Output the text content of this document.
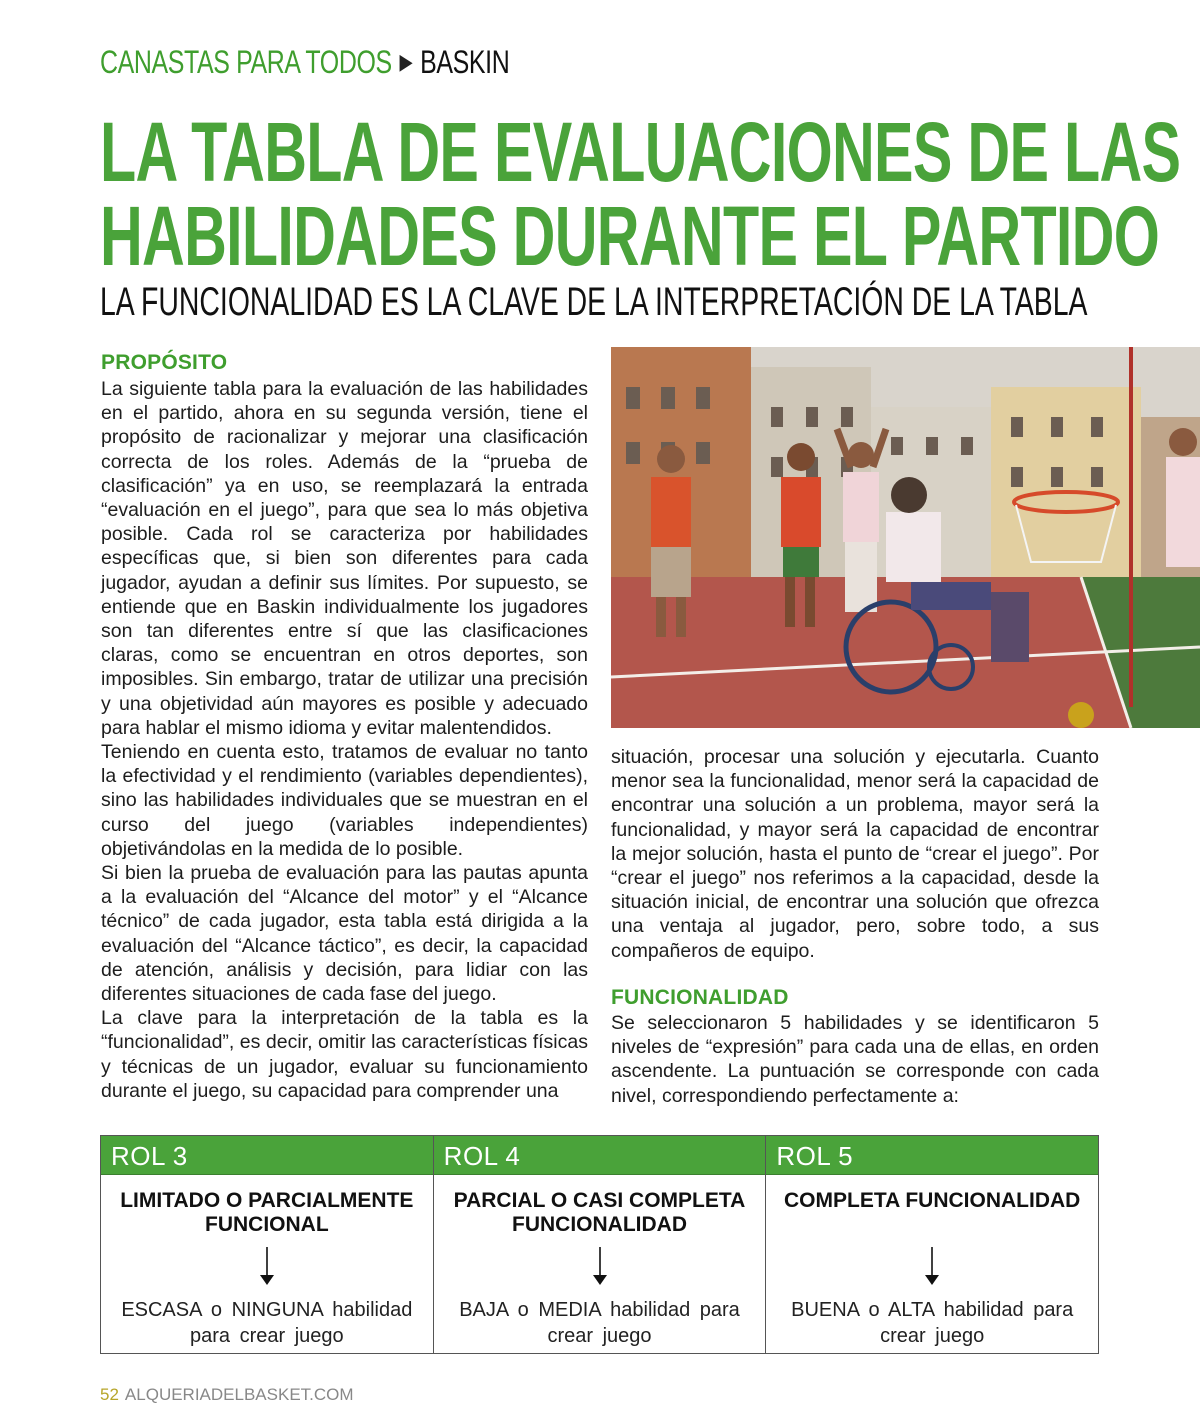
CANASTAS PARA TODOS ▶ BASKIN
LA TABLA DE EVALUACIONES DE LAS
HABILIDADES DURANTE EL PARTIDO
LA FUNCIONALIDAD ES LA CLAVE DE LA INTERPRETACIÓN DE LA TABLA
PROPÓSITO

La siguiente tabla para la evaluación de las habilidades en el partido, ahora en su segunda versión, tiene el propósito de racionalizar y mejorar una clasificación correcta de los roles. Además de la “prueba de clasificación” ya en uso, se reemplazará la entrada “evaluación en el juego”, para que sea lo más objetiva posible. Cada rol se caracteriza por habilidades específicas que, si bien son diferentes para cada jugador, ayudan a definir sus límites. Por supuesto, se entiende que en Baskin individualmente los jugadores son tan diferentes entre sí que las clasificaciones claras, como se encuentran en otros deportes, son imposibles. Sin embargo, tratar de utilizar una precisión y una objetividad aún mayores es posible y adecuado para hablar el mismo idioma y evitar malentendidos.

Teniendo en cuenta esto, tratamos de evaluar no tanto la efectividad y el rendimiento (variables dependientes), sino las habilidades individuales que se muestran en el curso del juego (variables independientes) objetivándolas en la medida de lo posible.

Si bien la prueba de evaluación para las pautas apunta a la evaluación del “Alcance del motor” y el “Alcance técnico” de cada jugador, esta tabla está dirigida a la evaluación del “Alcance táctico”, es decir, la capacidad de atención, análisis y decisión, para lidiar con las diferentes situaciones de cada fase del juego.

La clave para la interpretación de la tabla es la “funcionalidad”, es decir, omitir las características físicas y técnicas de un jugador, evaluar su funcionamiento durante el juego, su capacidad para comprender una

situación, procesar una solución y ejecutarla. Cuanto menor sea la funcionalidad, menor será la capacidad de encontrar una solución a un problema, mayor será la funcionalidad, y mayor será la capacidad de encontrar la mejor solución, hasta el punto de “crear el juego”. Por “crear el juego” nos referimos a la capacidad, desde la situación inicial, de encontrar una solución que ofrezca una ventaja al jugador, pero, sobre todo, a sus compañeros de equipo.

FUNCIONALIDAD

Se seleccionaron 5 habilidades y se identificaron 5 niveles de “expresión” para cada una de ellas, en orden ascendente. La puntuación se corresponde con cada nivel, correspondiendo perfectamente a:

ROL 3
LIMITADO O PARCIALMENTE FUNCIONAL
ESCASA o NINGUNA habilidad para crear juego
ROL 4
PARCIAL O CASI COMPLETA FUNCIONALIDAD
BAJA o MEDIA habilidad para crear juego
ROL 5
COMPLETA FUNCIONALIDAD
BUENA o ALTA habilidad para crear juego
52 ALQUERIADELBASKET.COM
